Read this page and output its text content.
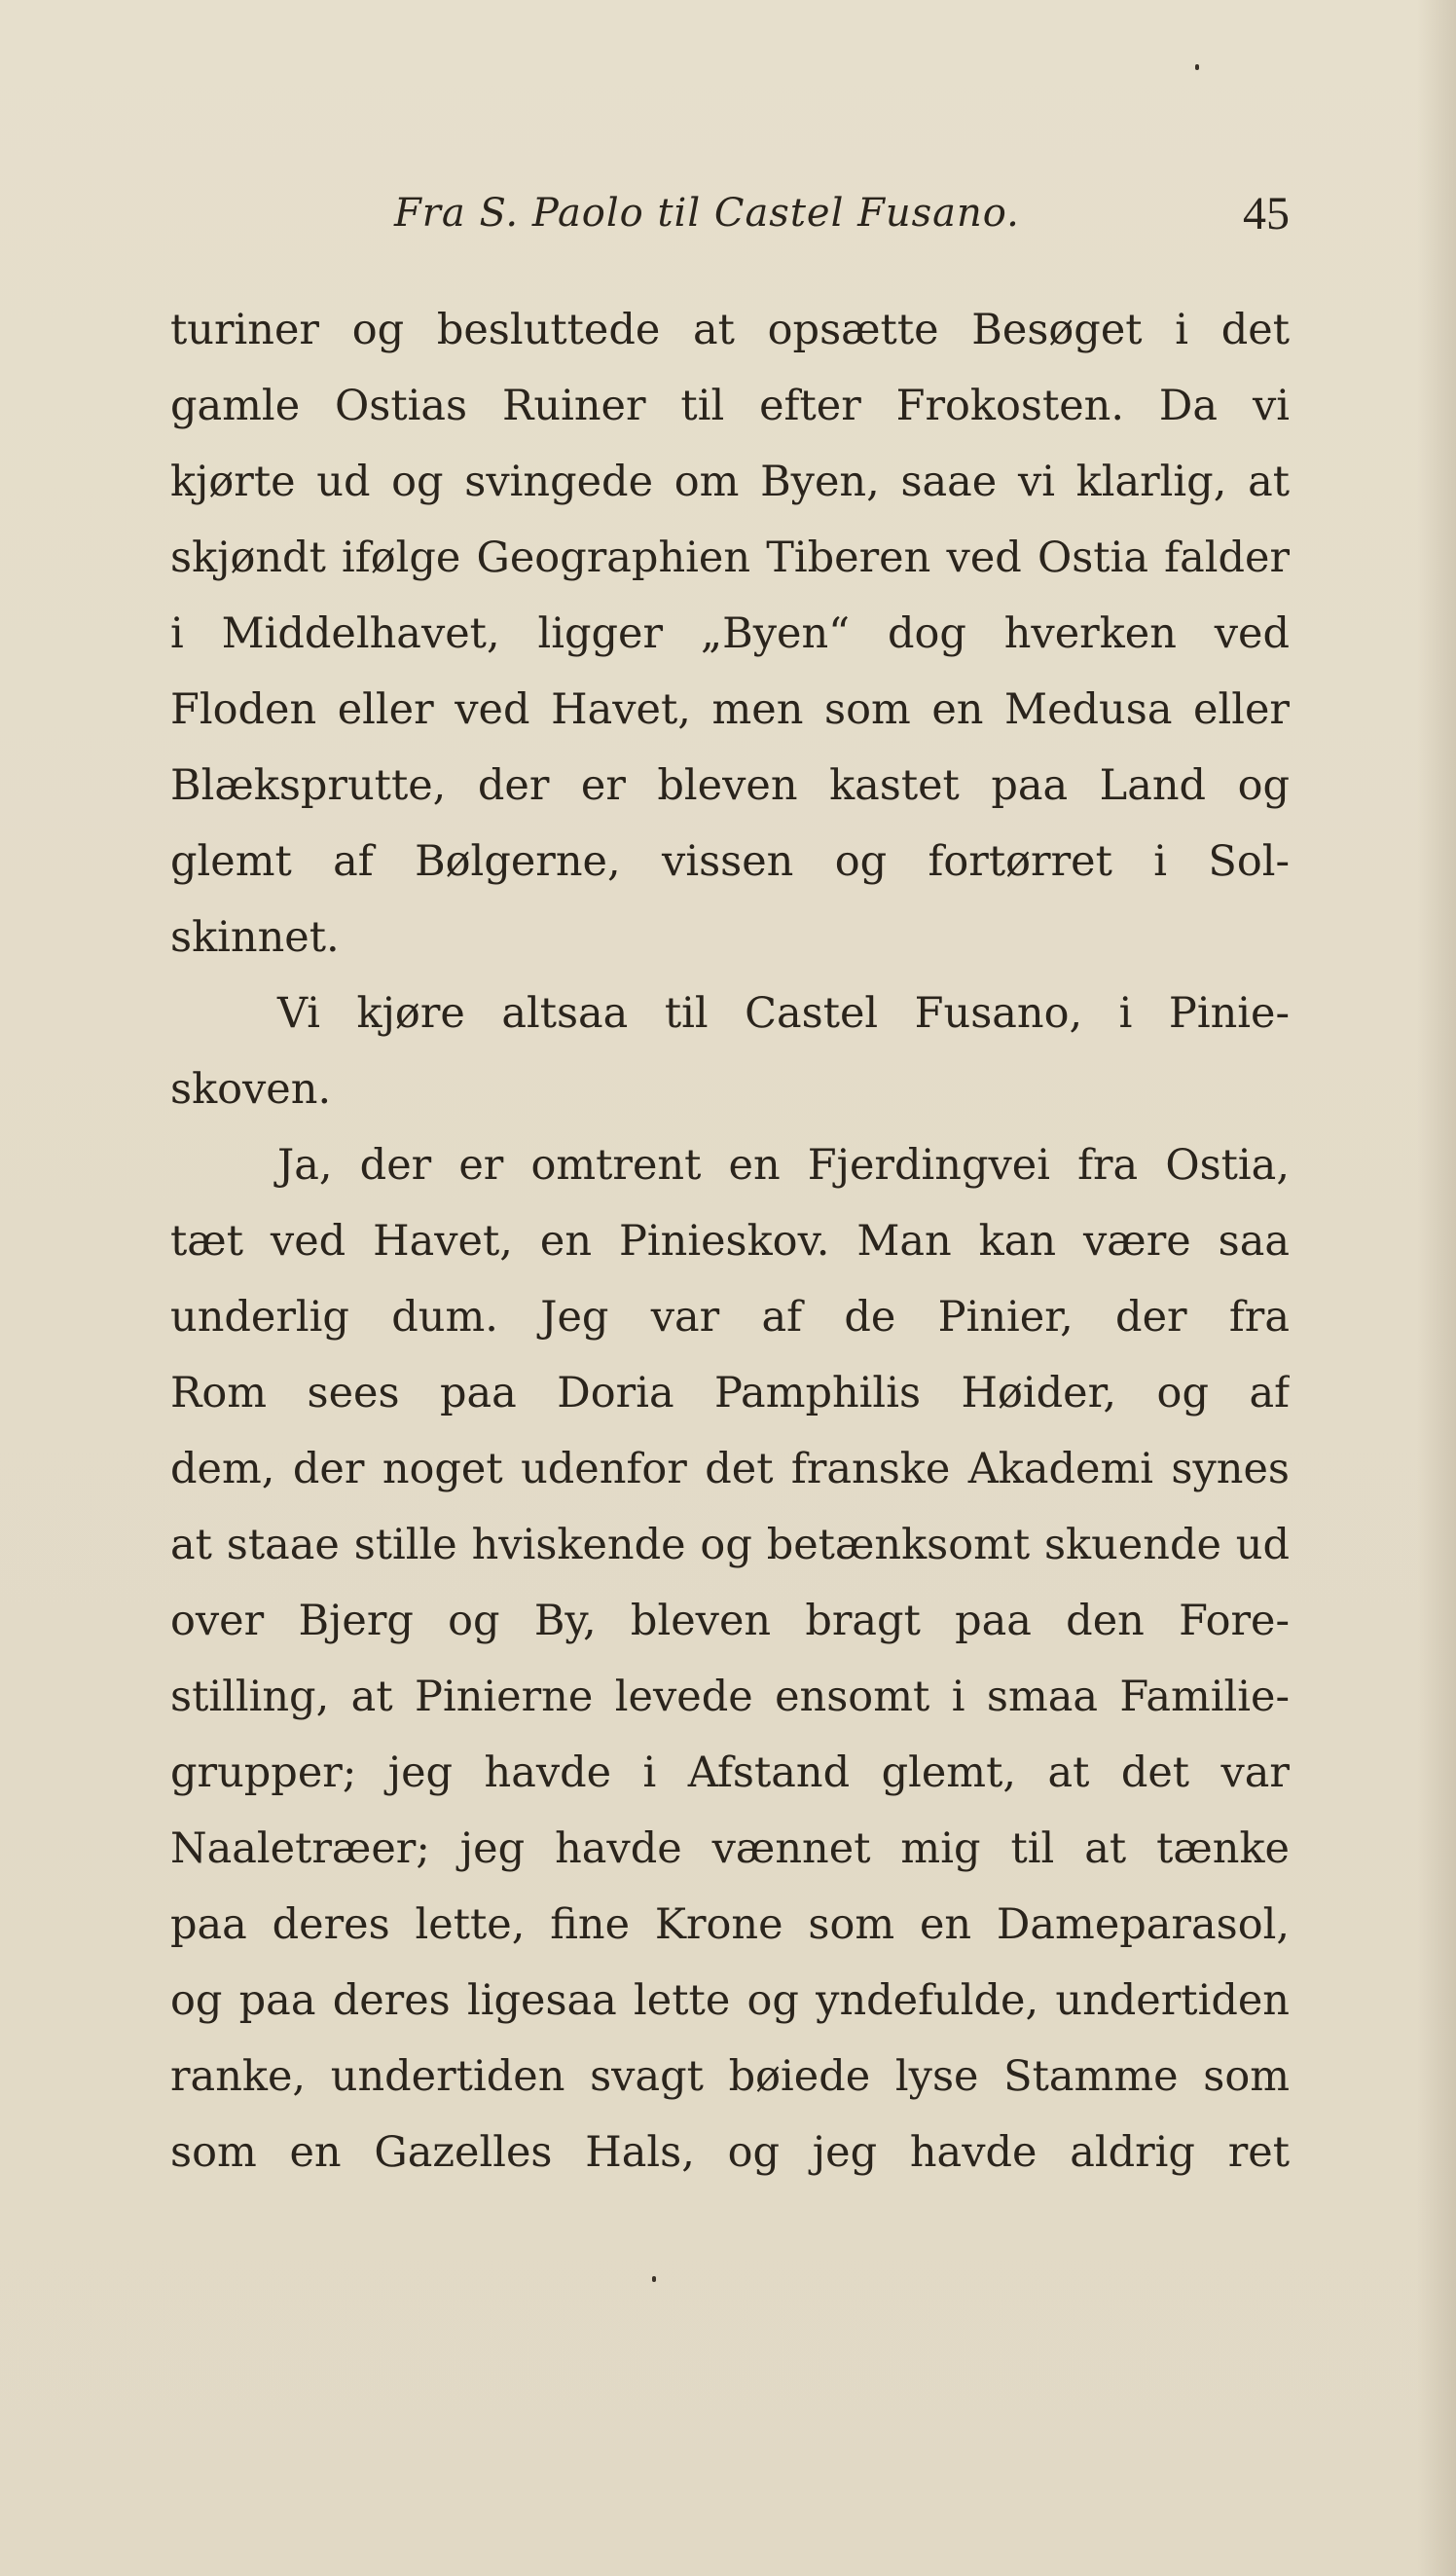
Fra S. Paolo til Castel Fusano.	45
turiner og besluttede at opsætte Besøget i det
gamle Ostias Ruiner til efter Frokosten. Da vi
kjørte ud og svingede om Byen, saae vi klarlig, at
skjøndt ifølge Geographien Tiberen ved Ostia falder
i Middelhavet, ligger „Byen“ dog hverken ved
Floden eller ved Havet, men som en Medusa eller
Blæksprutte, der er bleven kastet paa Land og
glemt af Bølgerne, vissen og fortørret i Sol-
skinnet.
Vi kjøre altsaa til Castel Fusano, i Pinie-
skoven.
Ja, der er omtrent en Fjerdingvei fra Ostia,
tæt ved Havet, en Pinieskov. Man kan være saa
underlig dum. Jeg var af de Pinier, der fra
Rom sees paa Doria Pamphilis Høider, og af
dem, der noget udenfor det franske Akademi synes
at staae stille hviskende og betænksomt skuende ud
over Bjerg og By, bleven bragt paa den Fore-
stilling, at Pinierne levede ensomt i smaa Familie-
grupper; jeg havde i Afstand glemt, at det var
Naaletræer; jeg havde vænnet mig til at tænke
paa deres lette, fine Krone som en Dameparasol,
og paa deres ligesaa lette og yndefulde, undertiden
ranke, undertiden svagt bøiede lyse Stamme som
som en Gazelles Hals, og jeg havde aldrig ret
